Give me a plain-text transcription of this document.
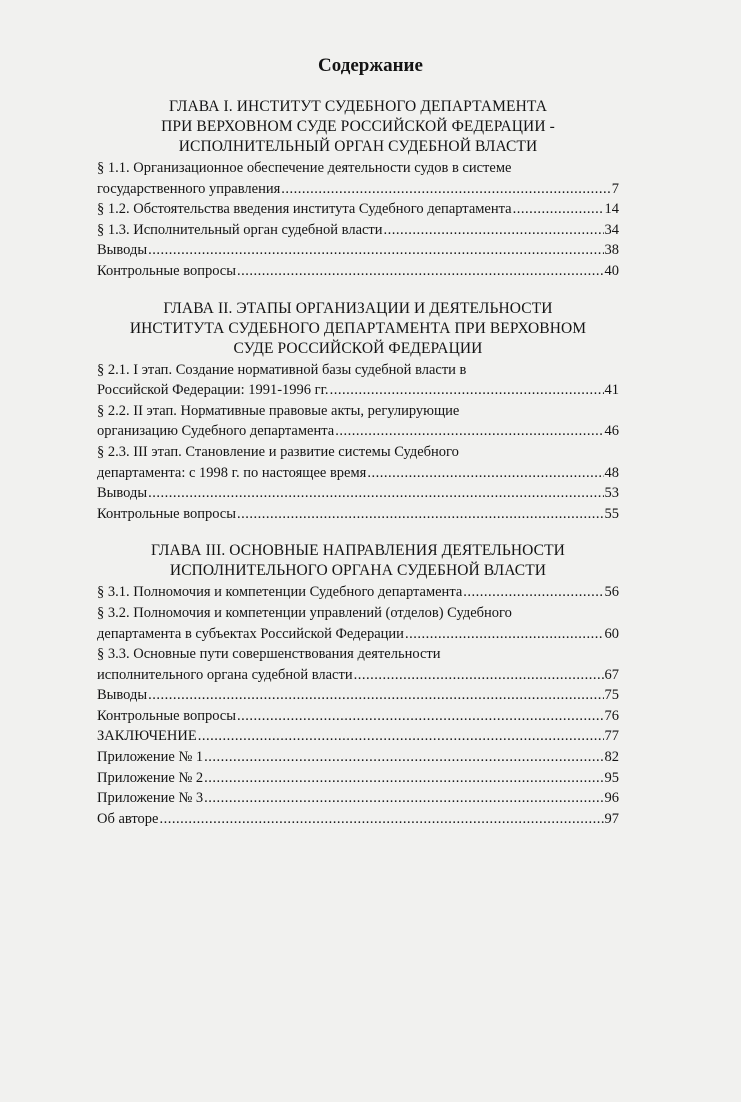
Содержание
ГЛАВА I. ИНСТИТУТ СУДЕБНОГО ДЕПАРТАМЕНТА
ПРИ ВЕРХОВНОМ СУДЕ РОССИЙСКОЙ ФЕДЕРАЦИИ -
ИСПОЛНИТЕЛЬНЫЙ ОРГАН СУДЕБНОЙ ВЛАСТИ
§ 1.1. Организационное обеспечение деятельности судов в системе
государственного управления .....	7
§ 1.2. Обстоятельства введения института Судебного департамента .....	14
§ 1.3. Исполнительный орган судебной власти .....	34
Выводы .....	38
Контрольные вопросы .....	40
ГЛАВА II. ЭТАПЫ ОРГАНИЗАЦИИ И ДЕЯТЕЛЬНОСТИ
ИНСТИТУТА СУДЕБНОГО ДЕПАРТАМЕНТА ПРИ ВЕРХОВНОМ
СУДЕ РОССИЙСКОЙ ФЕДЕРАЦИИ
§ 2.1. I этап. Создание нормативной базы судебной власти в
Российской Федерации: 1991-1996 гг. .....	41
§ 2.2. II этап. Нормативные правовые акты, регулирующие
организацию Судебного департамента .....	46
§ 2.3. III этап. Становление и развитие системы Судебного
департамента: с 1998 г. по настоящее время .....	48
Выводы .....	53
Контрольные вопросы .....	55
ГЛАВА III. ОСНОВНЫЕ НАПРАВЛЕНИЯ ДЕЯТЕЛЬНОСТИ
ИСПОЛНИТЕЛЬНОГО ОРГАНА СУДЕБНОЙ ВЛАСТИ
§ 3.1. Полномочия и компетенции Судебного департамента .....	56
§ 3.2. Полномочия и компетенции управлений (отделов) Судебного
департамента в субъектах Российской Федерации .....	60
§ 3.3. Основные пути совершенствования деятельности
исполнительного органа судебной власти .....	67
Выводы .....	75
Контрольные вопросы .....	76
ЗАКЛЮЧЕНИЕ .....	77
Приложение № 1 .....	82
Приложение № 2 .....	95
Приложение № 3 .....	96
Об авторе .....	97
